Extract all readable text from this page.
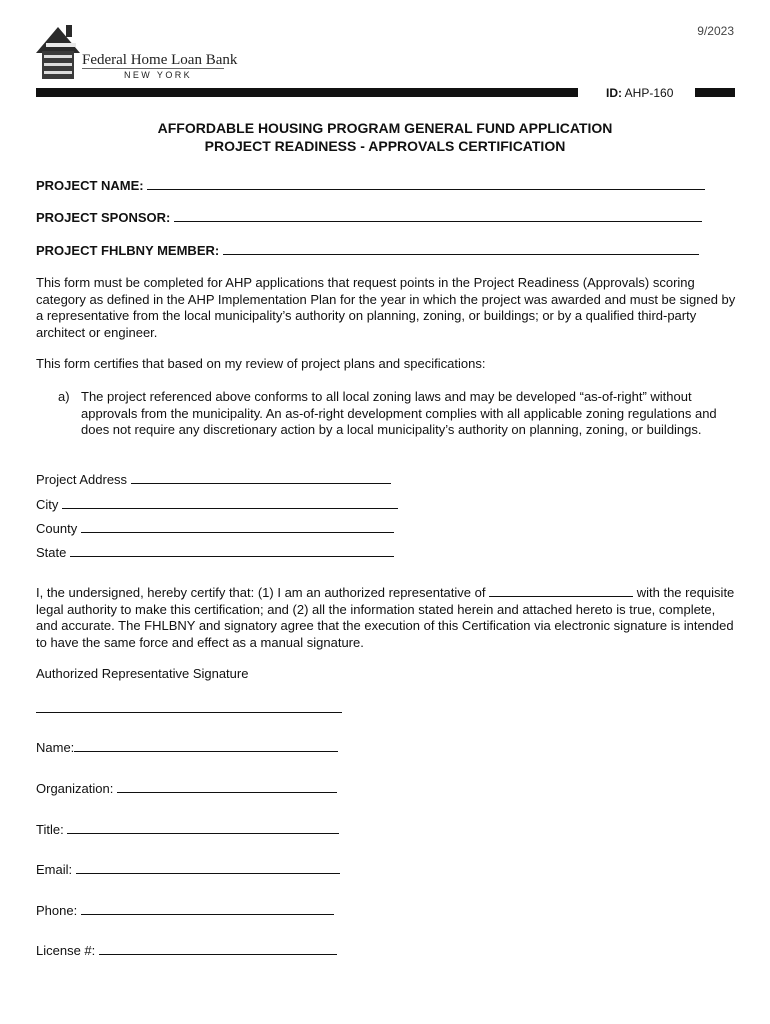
9/2023
Federal Home Loan Bank
NEW YORK
ID: AHP-160
AFFORDABLE HOUSING PROGRAM GENERAL FUND APPLICATION
PROJECT READINESS - APPROVALS CERTIFICATION
PROJECT NAME:
PROJECT SPONSOR:
PROJECT FHLBNY MEMBER:
This form must be completed for AHP applications that request points in the Project Readiness (Approvals) scoring category as defined in the AHP Implementation Plan for the year in which the project was awarded and must be signed by a representative from the local municipality’s authority on planning, zoning, or buildings; or by a qualified third-party architect or engineer.
This form certifies that based on my review of project plans and specifications:
a) The project referenced above conforms to all local zoning laws and may be developed “as-of-right” without approvals from the municipality. An as-of-right development complies with all applicable zoning regulations and does not require any discretionary action by a local municipality’s authority on planning, zoning, or buildings.
Project Address
City
County
State
I, the undersigned, hereby certify that: (1) I am an authorized representative of	with the requisite legal authority to make this certification; and (2) all the information stated herein and attached hereto is true, complete, and accurate. The FHLBNY and signatory agree that the execution of this Certification via electronic signature is intended to have the same force and effect as a manual signature.
Authorized Representative Signature
Name:
Organization:
Title:
Email:
Phone:
License #:
